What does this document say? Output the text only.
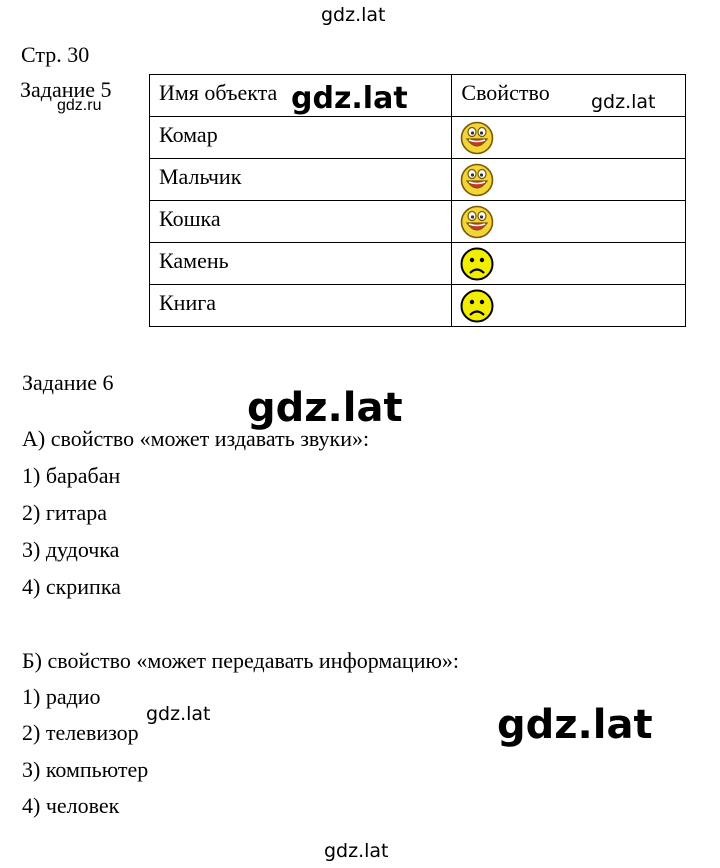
gdz.lat
Стр. 30
Задание 5
gdz.ru
Имя объекта	Свойство

Комар

Мальчик

Кошка

Камень

Книга

gdz.lat	gdz.lat
Задание 6
gdz.lat
А) свойство «может издавать звуки»:
1) барабан
2) гитара
3) дудочка
4) скрипка
Б) свойство «может передавать информацию»:
1) радио
2) телевизор
3) компьютер
4) человек
gdz.lat	gdz.lat
gdz.lat
